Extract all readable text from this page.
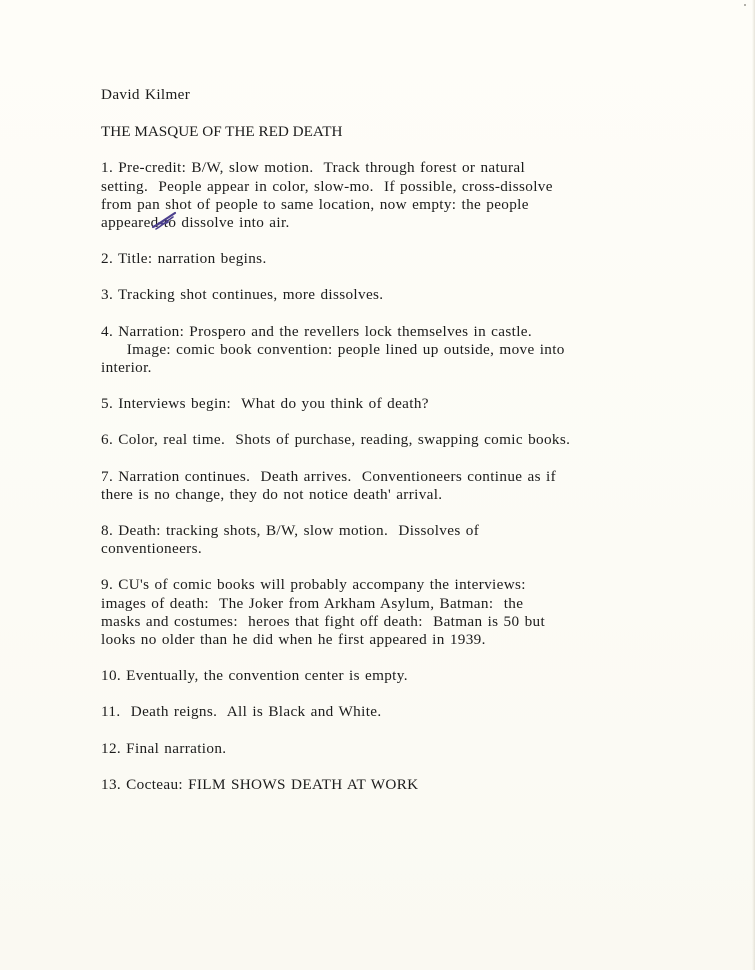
David Kilmer
THE MASQUE OF THE RED DEATH
1. Pre-credit: B/W, slow motion.  Track through forest or natural
setting.  People appear in color, slow-mo.  If possible, cross-dissolve
from pan shot of people to same location, now empty: the people
appeared to dissolve into air.
2. Title: narration begins.
3. Tracking shot continues, more dissolves.
4. Narration: Prospero and the revellers lock themselves in castle.
Image: comic book convention: people lined up outside, move into
interior.
5. Interviews begin:  What do you think of death?
6. Color, real time.  Shots of purchase, reading, swapping comic books.
7. Narration continues.  Death arrives.  Conventioneers continue as if
there is no change, they do not notice death' arrival.
8. Death: tracking shots, B/W, slow motion.  Dissolves of
conventioneers.
9. CU's of comic books will probably accompany the interviews:
images of death:  The Joker from Arkham Asylum, Batman:  the
masks and costumes:  heroes that fight off death:  Batman is 50 but
looks no older than he did when he first appeared in 1939.
10. Eventually, the convention center is empty.
11.  Death reigns.  All is Black and White.
12. Final narration.
13. Cocteau: FILM SHOWS DEATH AT WORK
